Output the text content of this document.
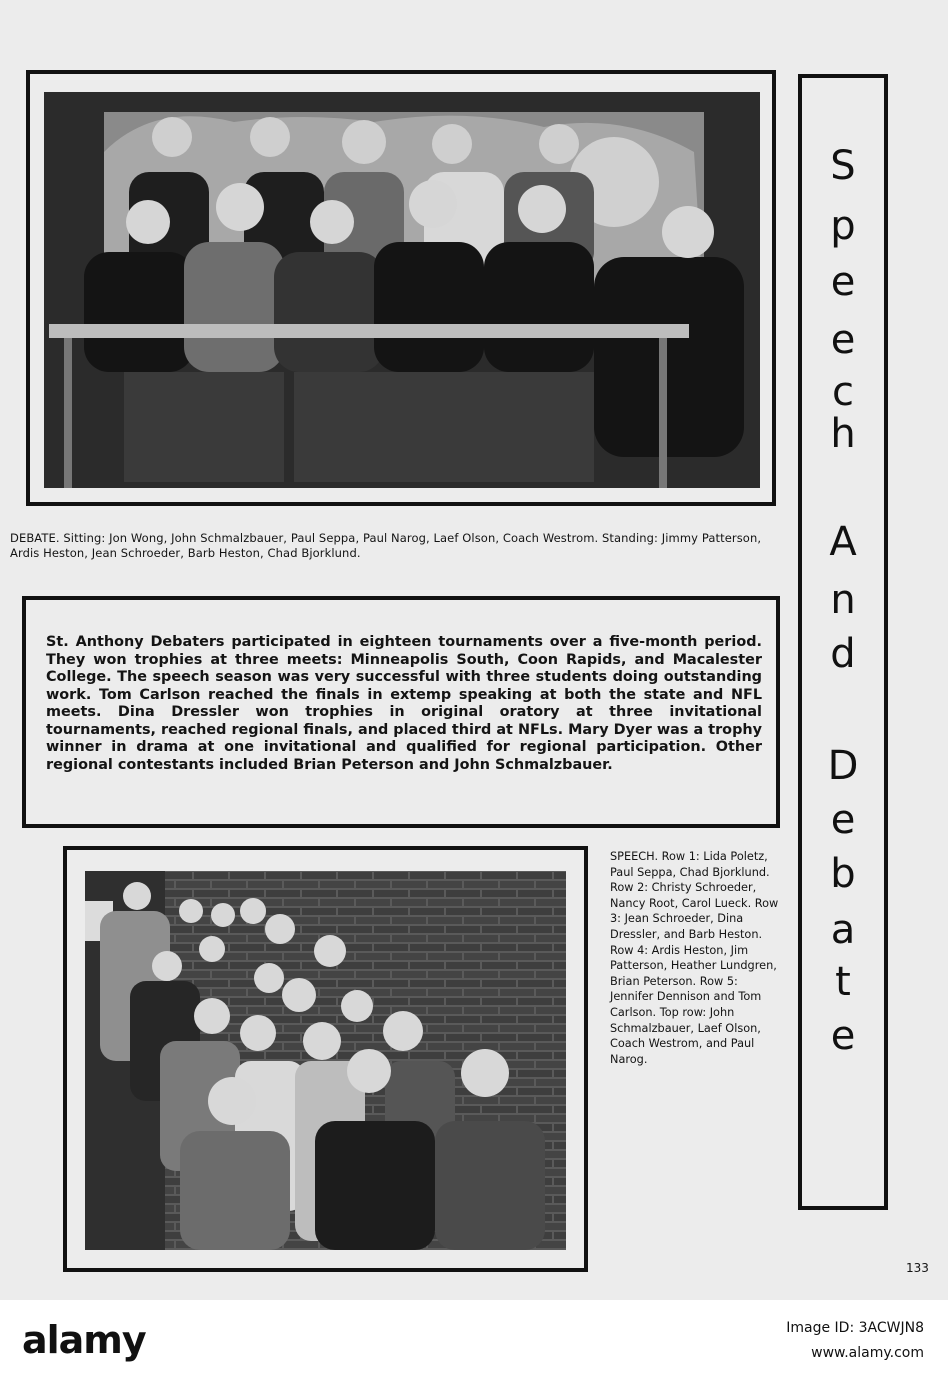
DEBATE. Sitting: Jon Wong, John Schmalzbauer, Paul Seppa, Paul Narog, Laef Olson, Coach Westrom. Standing: Jimmy Patterson, Ardis Heston, Jean Schroeder, Barb Heston, Chad Bjorklund.

St. Anthony Debaters participated in eighteen tournaments over a five-month period. They won trophies at three meets: Minneapolis South, Coon Rapids, and Macalester College. The speech season was very successful with three students doing outstanding work. Tom Carlson reached the finals in extemp speaking at both the state and NFL meets. Dina Dressler won trophies in original oratory at three invitational tournaments, reached regional finals, and placed third at NFLs. Mary Dyer was a trophy winner in drama at one invitational and qualified for regional participation. Other regional contestants included Brian Peterson and John Schmalzbauer.

SPEECH. Row 1: Lida Poletz, Paul Seppa, Chad Bjorklund. Row 2: Christy Schroeder, Nancy Root, Carol Lueck. Row 3: Jean Schroeder, Dina Dressler, and Barb Heston. Row 4: Ardis Heston, Jim Patterson, Heather Lundgren, Brian Peterson. Row 5: Jennifer Dennison and Tom Carlson. Top row: John Schmalzbauer, Laef Olson, Coach Westrom, and Paul Narog.
S
p
e
e
c
h
A
n
d
D
e
b
a
t
e
133
alamy	Image ID: 3ACWJN8
www.alamy.com
